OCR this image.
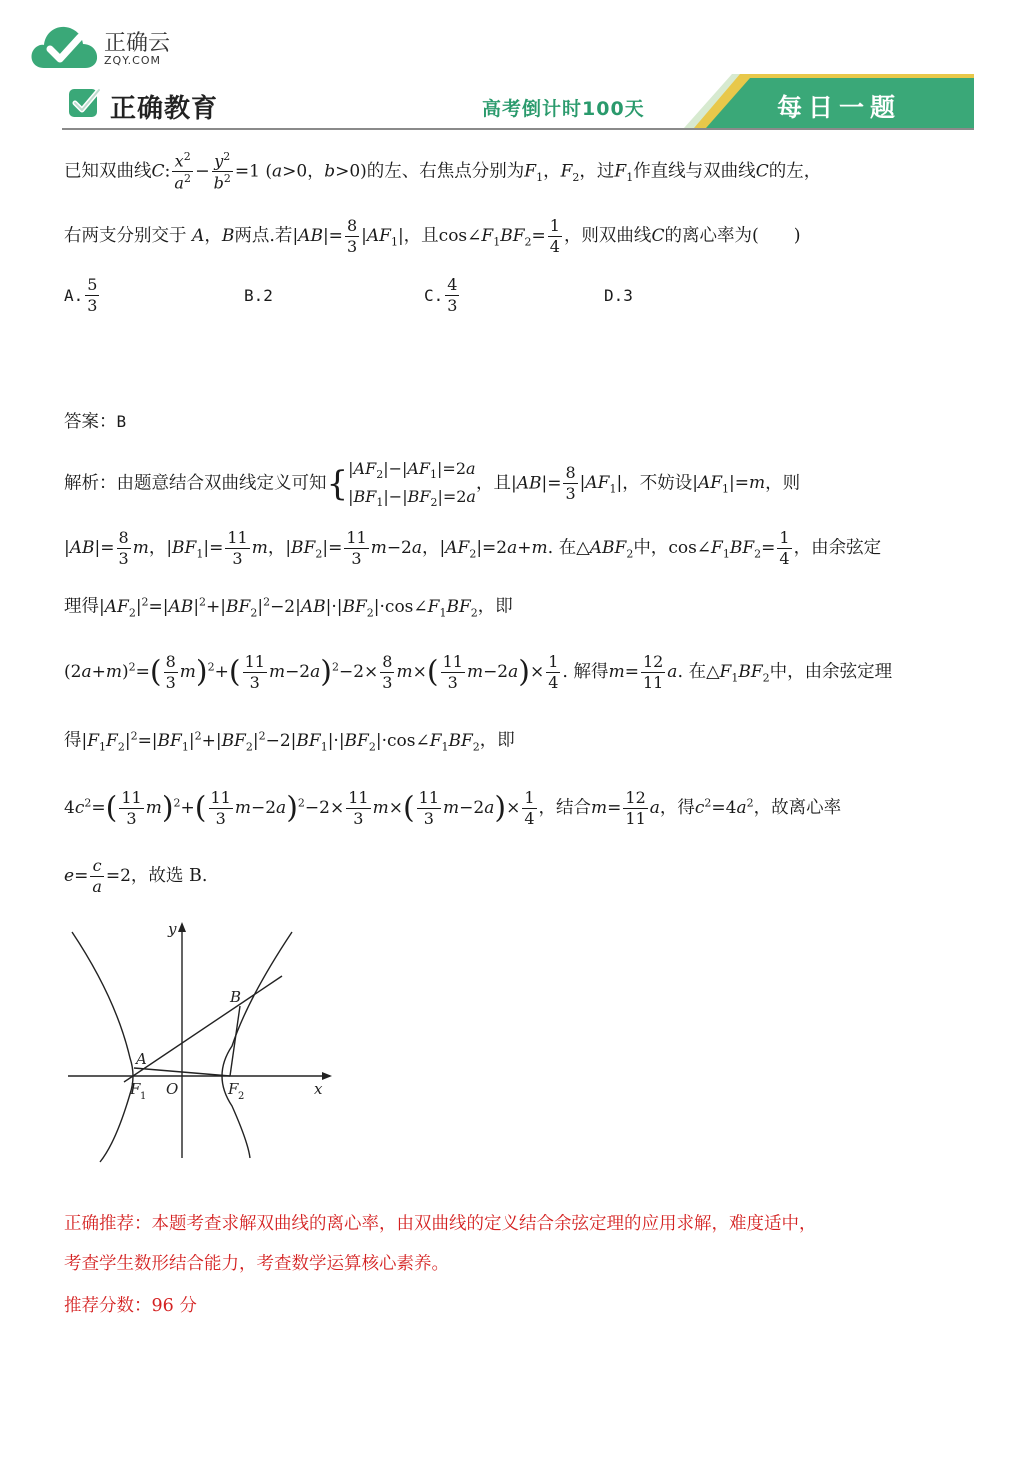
正确云
ZQY.COM
正确教育	高考倒计时100天	每日一题
已知双曲线C: $\frac{x^2}{a^2} - \frac{y^2}{b^2} =1$ (a>0，b>0)的左、右焦点分别为$F_1$，$F_2$，过$F_1$作直线与双曲线C的左，
右两支分别交于 A，B两点.若$|AB|= \frac{8}{3} |AF_1|$，且$\cos\angle F_1BF_2= \frac{1}{4}$ ，则双曲线C的离心率为(　　)
A. $\frac{5}{3}$	B. 2	C. $\frac{4}{3}$	D. 3
答案：B
解析：由题意结合双曲线定义可知{$|AF_2|-|AF_1|=2a$
$|BF_1|-|BF_2|=2a$，且$|AB|= \frac{8}{3} |AF_1|$，不妨设$|AF_1|=m$，则
$|AB|= \frac{8}{3}$ m，$|BF_1|= \frac{11}{3}$ m，$|BF_2|= \frac{11}{3} m-2a$，$|AF_2|=2a+m$. 在$\triangle ABF_2$中，$\cos\angle F_1BF_2= \frac{1}{4}$ ，由余弦定
理得$|AF_2|^2=|AB|^2+|BF_2|^2-2|AB|\cdot|BF_2|\cdot\cos\angle F_1BF_2$，即
$(2a+m)^2=( \frac{8}{3} m)^2+( \frac{11}{3} m-2a)^2-2\times \frac{8}{3} m\times( \frac{11}{3} m-2a)\times \frac{1}{4}$ . 解得$m= \frac{12}{11} a$. 在$\triangle F_1BF_2$中，由余弦定理
得$|F_1F_2|^2=|BF_1|^2+|BF_2|^2-2|BF_1|\cdot|BF_2|\cdot\cos\angle F_1BF_2$，即
$4c^2=( \frac{11}{3} m)^2+( \frac{11}{3} m-2a)^2-2\times \frac{11}{3} m\times( \frac{11}{3} m-2a)\times \frac{1}{4}$ ，结合$m= \frac{12}{11}$ a，得$c^2=4a^2$，故离心率
$e= \frac{c}{a} =2$，故选 B.
y
x
A
B
O
F 1	F 2
正确推荐：本题考查求解双曲线的离心率，由双曲线的定义结合余弦定理的应用求解，难度适中，
考查学生数形结合能力，考查数学运算核心素养。
推荐分数：96 分
